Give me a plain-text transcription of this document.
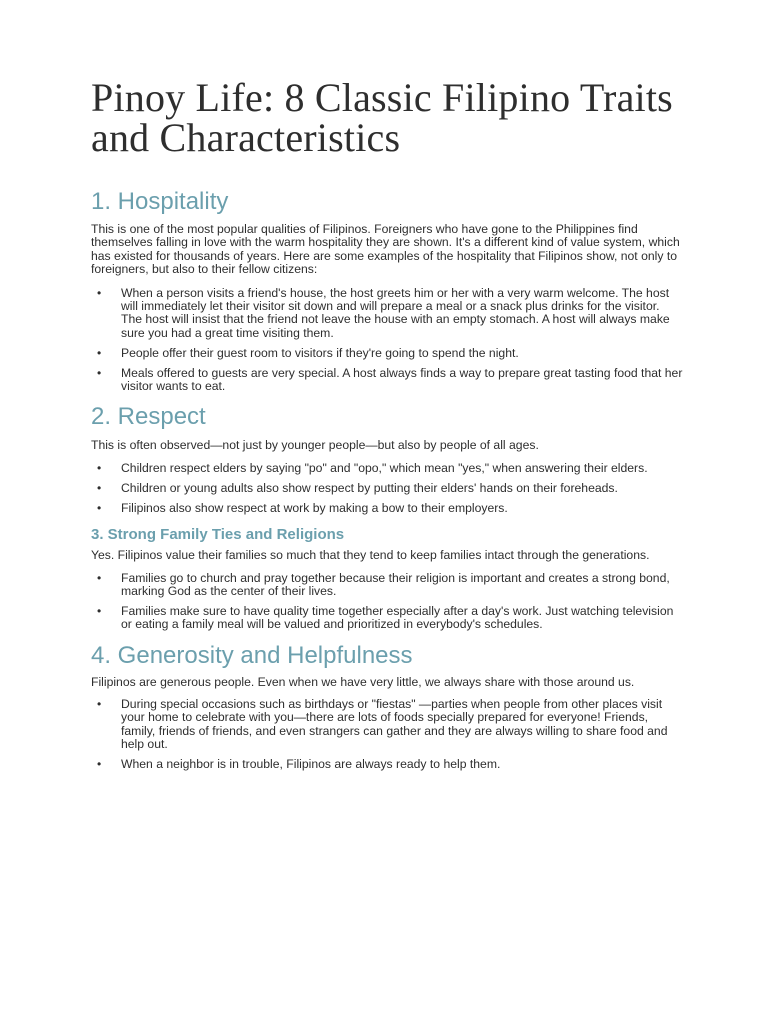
Pinoy Life: 8 Classic Filipino Traits and Characteristics
1. Hospitality

This is one of the most popular qualities of Filipinos. Foreigners who have gone to the Philippines find themselves falling in love with the warm hospitality they are shown. It's a different kind of value system, which has existed for thousands of years. Here are some examples of the hospitality that Filipinos show, not only to foreigners, but also to their fellow citizens:

• When a person visits a friend's house, the host greets him or her with a very warm welcome. The host will immediately let their visitor sit down and will prepare a meal or a snack plus drinks for the visitor. The host will insist that the friend not leave the house with an empty stomach. A host will always make sure you had a great time visiting them.
• People offer their guest room to visitors if they're going to spend the night.
• Meals offered to guests are very special. A host always finds a way to prepare great tasting food that her visitor wants to eat.
2. Respect

This is often observed—not just by younger people—but also by people of all ages.

• Children respect elders by saying "po" and "opo," which mean "yes," when answering their elders.
• Children or young adults also show respect by putting their elders' hands on their foreheads.
• Filipinos also show respect at work by making a bow to their employers.
3. Strong Family Ties and Religions

Yes. Filipinos value their families so much that they tend to keep families intact through the generations.

• Families go to church and pray together because their religion is important and creates a strong bond, marking God as the center of their lives.
• Families make sure to have quality time together especially after a day's work. Just watching television or eating a family meal will be valued and prioritized in everybody's schedules.
4. Generosity and Helpfulness

Filipinos are generous people. Even when we have very little, we always share with those around us.

• During special occasions such as birthdays or "fiestas" —parties when people from other places visit your home to celebrate with you—there are lots of foods specially prepared for everyone! Friends, family, friends of friends, and even strangers can gather and they are always willing to share food and help out.
• When a neighbor is in trouble, Filipinos are always ready to help them.
